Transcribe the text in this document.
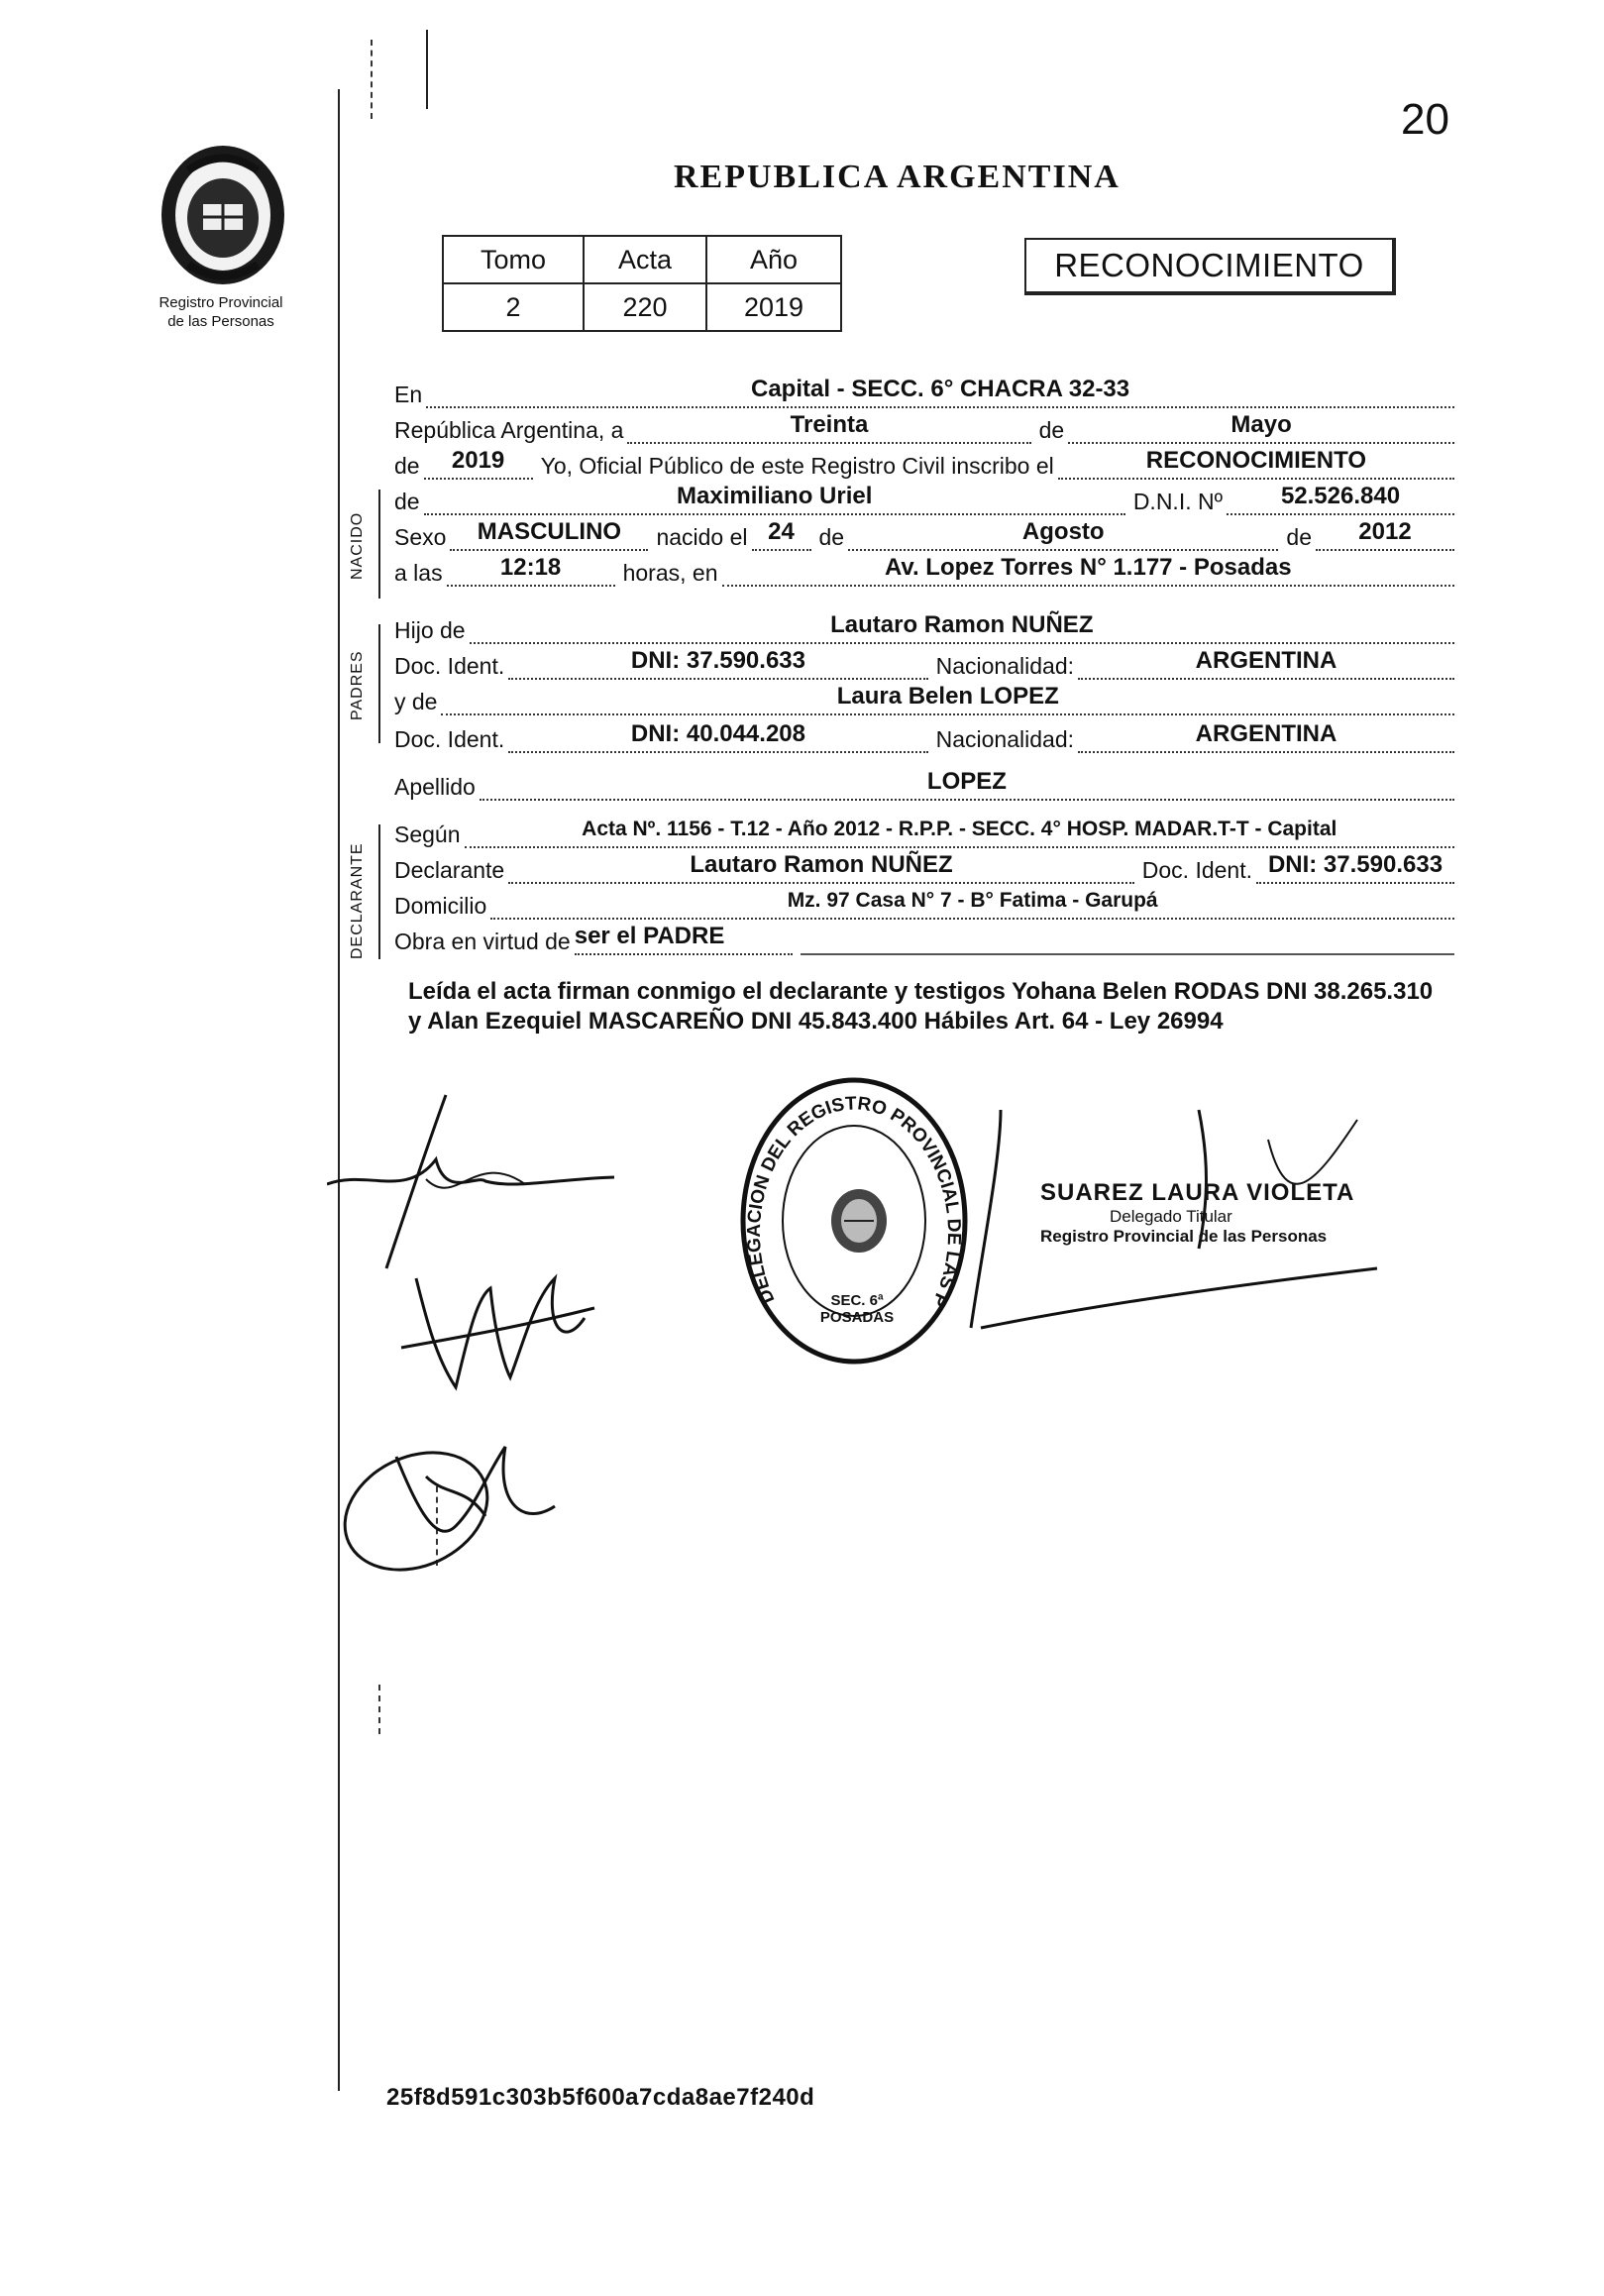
20
Registro Provincial
de las Personas
REPUBLICA ARGENTINA
Tomo	Acta	Año
2	220	2019
RECONOCIMIENTO
NACIDO
PADRES
DECLARANTE
En	Capital - SECC. 6° CHACRA 32-33
República Argentina, a	Treinta	de	Mayo
de	2019	Yo, Oficial Público de este Registro Civil inscribo el	RECONOCIMIENTO
de	Maximiliano Uriel	D.N.I. Nº	52.526.840
Sexo	MASCULINO	nacido el 24	de	Agosto	de	2012
a las	12:18	horas, en	Av. Lopez Torres N° 1.177 - Posadas
Hijo de	Lautaro Ramon NUÑEZ
Doc. Ident.	DNI: 37.590.633	Nacionalidad:	ARGENTINA
y de	Laura Belen LOPEZ
Doc. Ident.	DNI: 40.044.208	Nacionalidad:	ARGENTINA
Apellido	LOPEZ
Según	Acta Nº. 1156 - T.12 - Año 2012 - R.P.P. - SECC. 4° HOSP. MADAR.T-T - Capital
Declarante	Lautaro Ramon NUÑEZ	Doc. Ident. DNI: 37.590.633
Domicilio	Mz. 97 Casa N° 7 - B° Fatima - Garupá
Obra en virtud de ser el PADRE
Leída el acta firman conmigo el declarante y testigos Yohana Belen RODAS DNI 38.265.310 y Alan Ezequiel MASCAREÑO DNI 45.843.400 Hábiles Art. 64 - Ley 26994
DELEGACION DEL REGISTRO PROVINCIAL DE LAS P
SEC. 6ª POSADAS
SUAREZ LAURA VIOLETA
Delegado Titular
Registro Provincial de las Personas
25f8d591c303b5f600a7cda8ae7f240d
